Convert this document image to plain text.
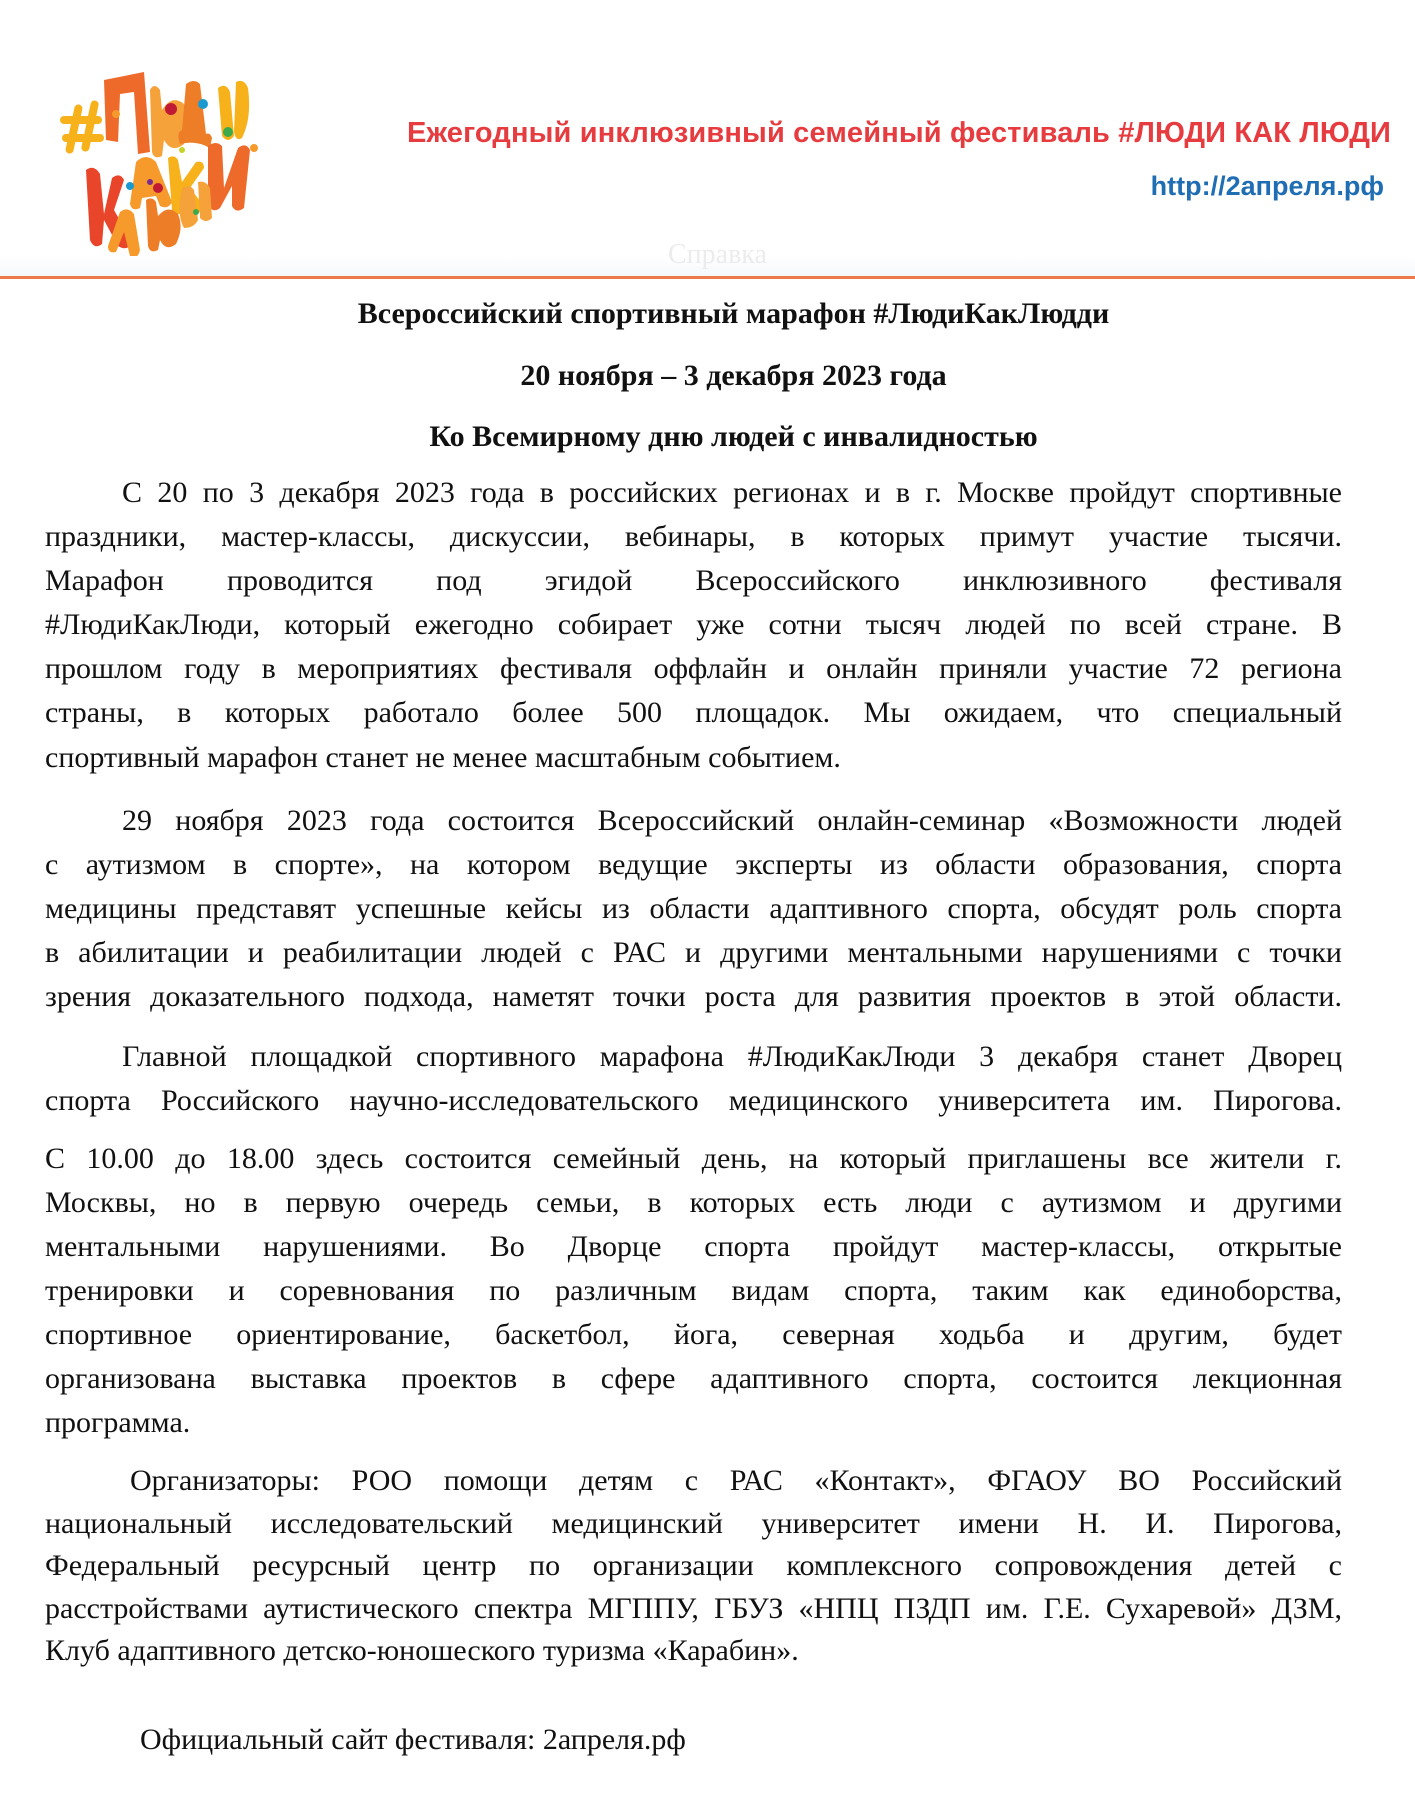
Ежегодный инклюзивный семейный фестиваль #ЛЮДИ КАК ЛЮДИ
http://2апреля.рф
Справка
Всероссийский спортивный марафон #ЛюдиКакЛюдди
20 ноября – 3 декабря 2023 года
Ко Всемирному дню людей с инвалидностью
С 20 по 3 декабря 2023 года в российских регионах и в г. Москве пройдут спортивные
праздники, мастер-классы, дискуссии, вебинары, в которых примут участие тысячи.
Марафон проводится под эгидой Всероссийского инклюзивного фестиваля
#ЛюдиКакЛюди, который ежегодно собирает уже сотни тысяч людей по всей стране. В
прошлом году в мероприятиях фестиваля оффлайн и онлайн приняли участие 72 региона
страны, в которых работало более 500 площадок. Мы ожидаем, что специальный
спортивный марафон станет не менее масштабным событием.
29 ноября 2023 года состоится Всероссийский онлайн-семинар «Возможности людей
с аутизмом в спорте», на котором ведущие эксперты из области образования, спорта
медицины представят успешные кейсы из области адаптивного спорта, обсудят роль спорта
в абилитации и реабилитации людей с РАС и другими ментальными нарушениями с точки
зрения доказательного подхода, наметят точки роста для развития проектов в этой области.
Главной площадкой спортивного марафона #ЛюдиКакЛюди 3 декабря станет Дворец
спорта Российского научно-исследовательского медицинского университета им. Пирогова.
С 10.00 до 18.00 здесь состоится семейный день, на который приглашены все жители г.
Москвы, но в первую очередь семьи, в которых есть люди с аутизмом и другими
ментальными нарушениями. Во Дворце спорта пройдут мастер-классы, открытые
тренировки и соревнования по различным видам спорта, таким как единоборства,
спортивное ориентирование, баскетбол, йога, северная ходьба и другим, будет
организована выставка проектов в сфере адаптивного спорта, состоится лекционная
программа.
Организаторы: РОО помощи детям с РАС «Контакт», ФГАОУ ВО Российский
национальный исследовательский медицинский университет имени Н. И. Пирогова,
Федеральный ресурсный центр по организации комплексного сопровождения детей с
расстройствами аутистического спектра МГППУ, ГБУЗ «НПЦ ПЗДП им. Г.Е. Сухаревой» ДЗМ,
Клуб адаптивного детско-юношеского туризма «Карабин».
Официальный сайт фестиваля: 2апреля.рф
